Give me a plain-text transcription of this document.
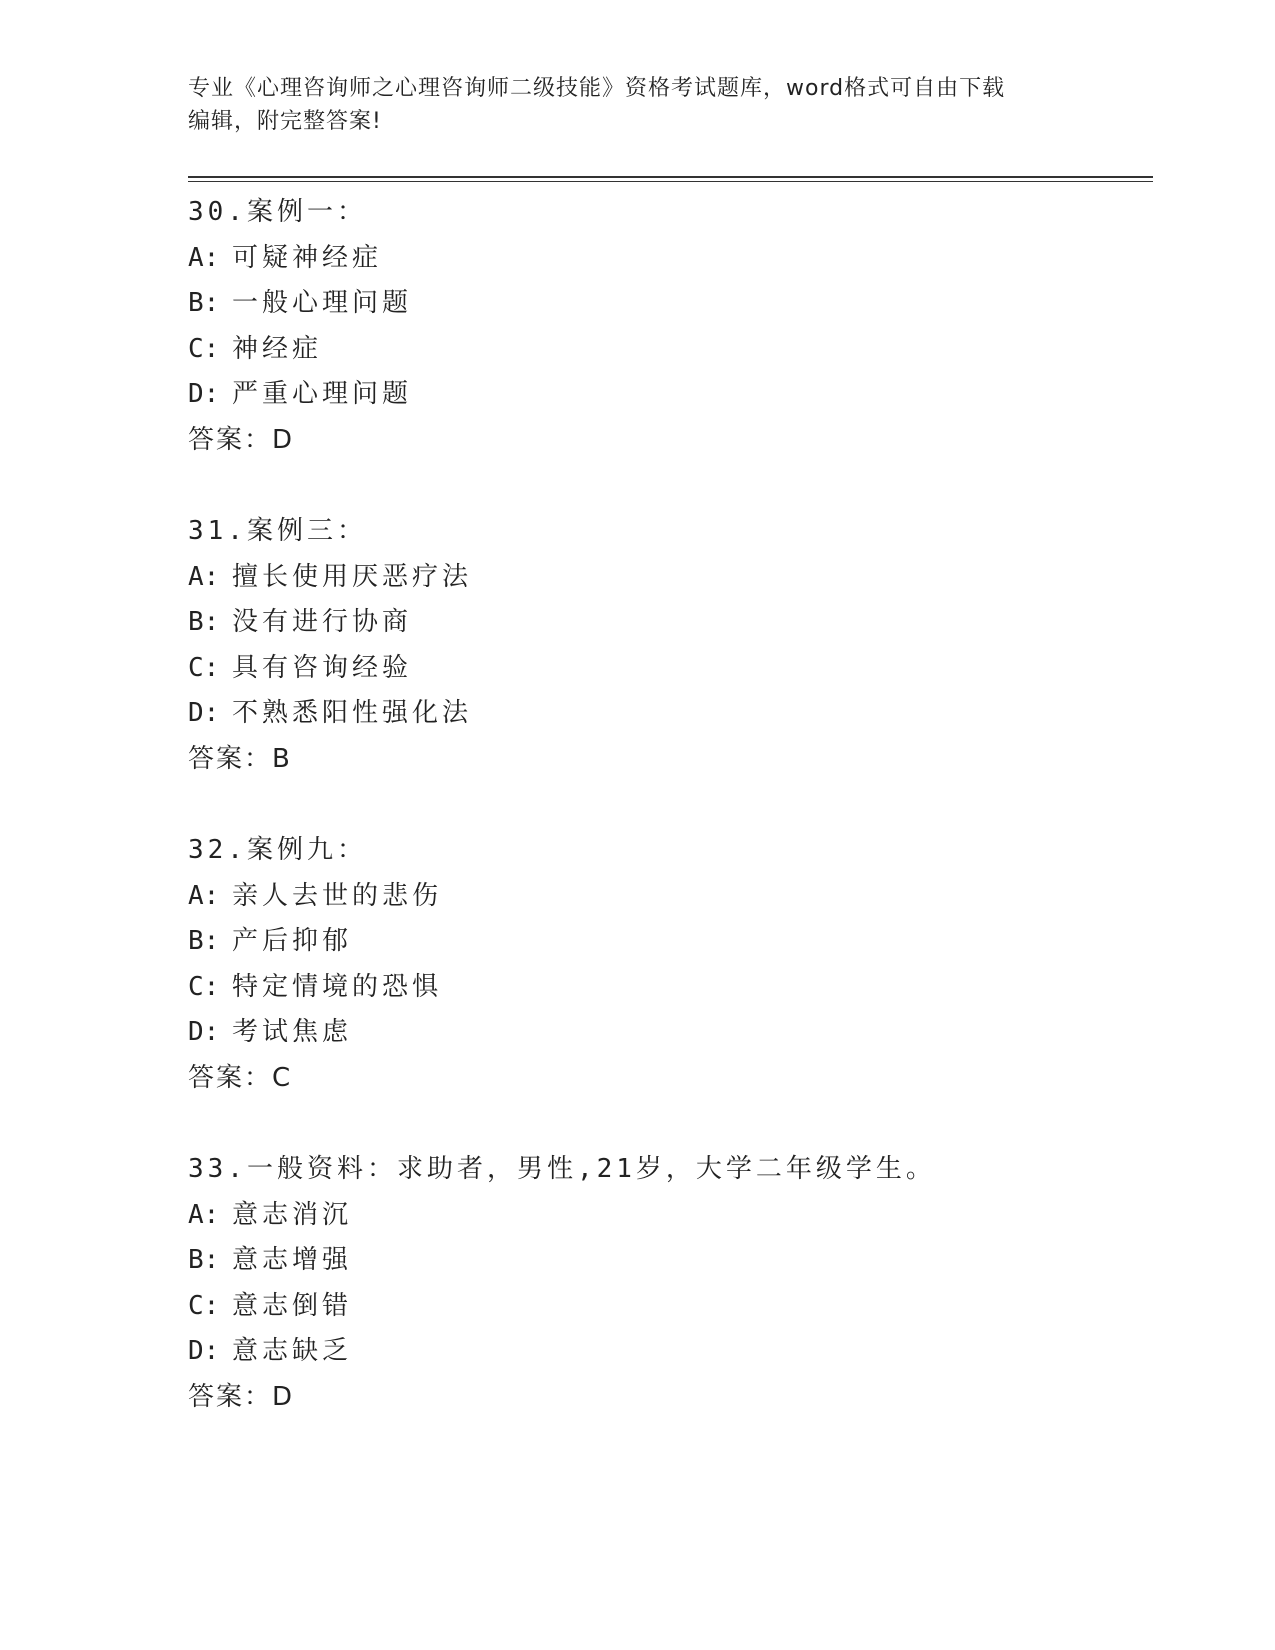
专业《心理咨询师之心理咨询师二级技能》资格考试题库，word格式可自由下载
编辑，附完整答案!
30.案例一：
A: 可疑神经症
B: 一般心理问题
C: 神经症
D: 严重心理问题
答案：D
31.案例三：
A: 擅长使用厌恶疗法
B: 没有进行协商
C: 具有咨询经验
D: 不熟悉阳性强化法
答案：B
32.案例九：
A: 亲人去世的悲伤
B: 产后抑郁
C: 特定情境的恐惧
D: 考试焦虑
答案：C
33.一般资料：求助者，男性,21岁，大学二年级学生。
A: 意志消沉
B: 意志增强
C: 意志倒错
D: 意志缺乏
答案：D
